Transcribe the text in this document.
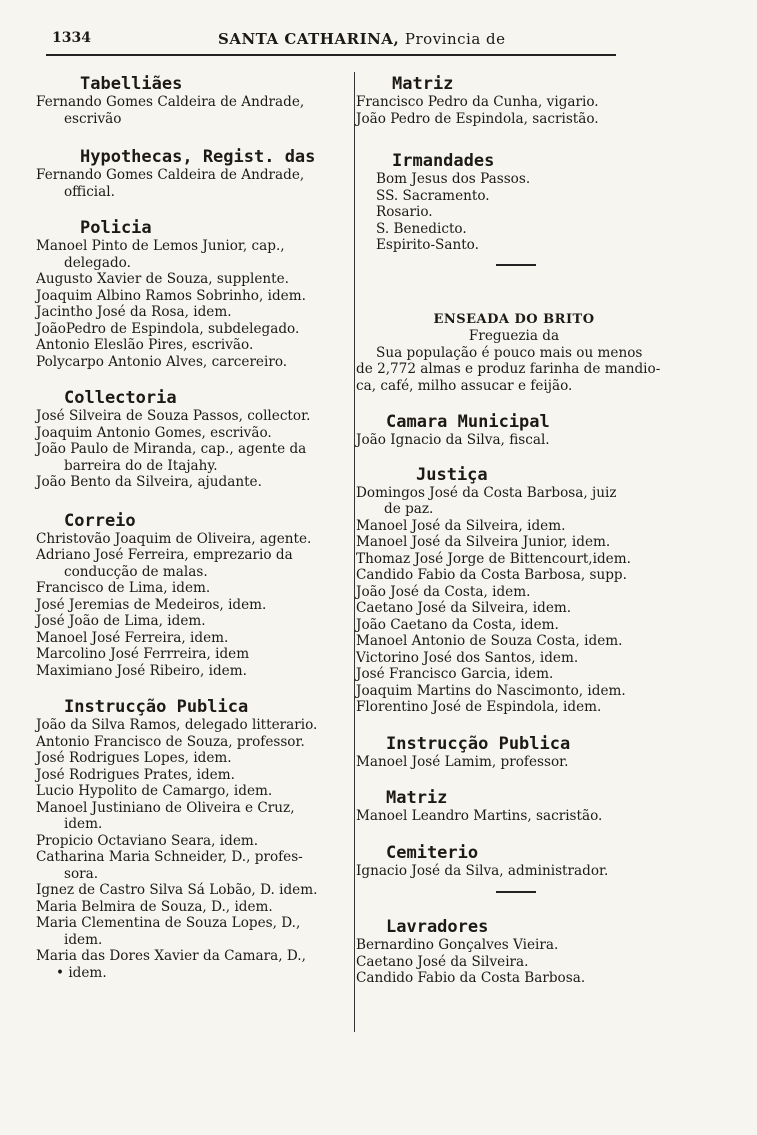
1334	SANTA CATHARINA, Provincia de
Tabelliães
Fernando Gomes Caldeira de Andrade,
escrivão
Hypothecas, Regist. das
Fernando Gomes Caldeira de Andrade,
official.
Policia
Manoel Pinto de Lemos Junior, cap.,
delegado.
Augusto Xavier de Souza, supplente.
Joaquim Albino Ramos Sobrinho, idem.
Jacintho José da Rosa, idem.
JoãoPedro de Espindola, subdelegado.
Antonio Eleslão Pires, escrivão.
Polycarpo Antonio Alves, carcereiro.
Collectoria
José Silveira de Souza Passos, collector.
Joaquim Antonio Gomes, escrivão.
João Paulo de Miranda, cap., agente da
barreira do de Itajahy.
João Bento da Silveira, ajudante.
Correio
Christovão Joaquim de Oliveira, agente.
Adriano José Ferreira, emprezario da
conducção de malas.
Francisco de Lima, idem.
José Jeremias de Medeiros, idem.
José João de Lima, idem.
Manoel José Ferreira, idem.
Marcolino José Ferrreira, idem
Maximiano José Ribeiro, idem.
Instrucção Publica
João da Silva Ramos, delegado litterario.
Antonio Francisco de Souza, professor.
José Rodrigues Lopes, idem.
José Rodrigues Prates, idem.
Lucio Hypolito de Camargo, idem.
Manoel Justiniano de Oliveira e Cruz,
idem.
Propicio Octaviano Seara, idem.
Catharina Maria Schneider, D., profes-
sora.
Ignez de Castro Silva Sá Lobão, D. idem.
Maria Belmira de Souza, D., idem.
Maria Clementina de Souza Lopes, D.,
idem.
Maria das Dores Xavier da Camara, D.,
• idem.
Matriz
Francisco Pedro da Cunha, vigario.
João Pedro de Espindola, sacristão.
Irmandades
Bom Jesus dos Passos.
SS. Sacramento.
Rosario.
S. Benedicto.
Espirito-Santo.
ENSEADA DO BRITO
Freguezia da
Sua população é pouco mais ou menos
de 2,772 almas e produz farinha de mandio-
ca, café, milho assucar e feijão.
Camara Municipal
João Ignacio da Silva, fiscal.
Justiça
Domingos José da Costa Barbosa, juiz
de paz.
Manoel José da Silveira, idem.
Manoel José da Silveira Junior, idem.
Thomaz José Jorge de Bittencourt,idem.
Candido Fabio da Costa Barbosa, supp.
João José da Costa, idem.
Caetano José da Silveira, idem.
João Caetano da Costa, idem.
Manoel Antonio de Souza Costa, idem.
Victorino José dos Santos, idem.
José Francisco Garcia, idem.
Joaquim Martins do Nascimonto, idem.
Florentino José de Espindola, idem.
Instrucção Publica
Manoel José Lamim, professor.
Matriz
Manoel Leandro Martins, sacristão.
Cemiterio
Ignacio José da Silva, administrador.
Lavradores
Bernardino Gonçalves Vieira.
Caetano José da Silveira.
Candido Fabio da Costa Barbosa.
